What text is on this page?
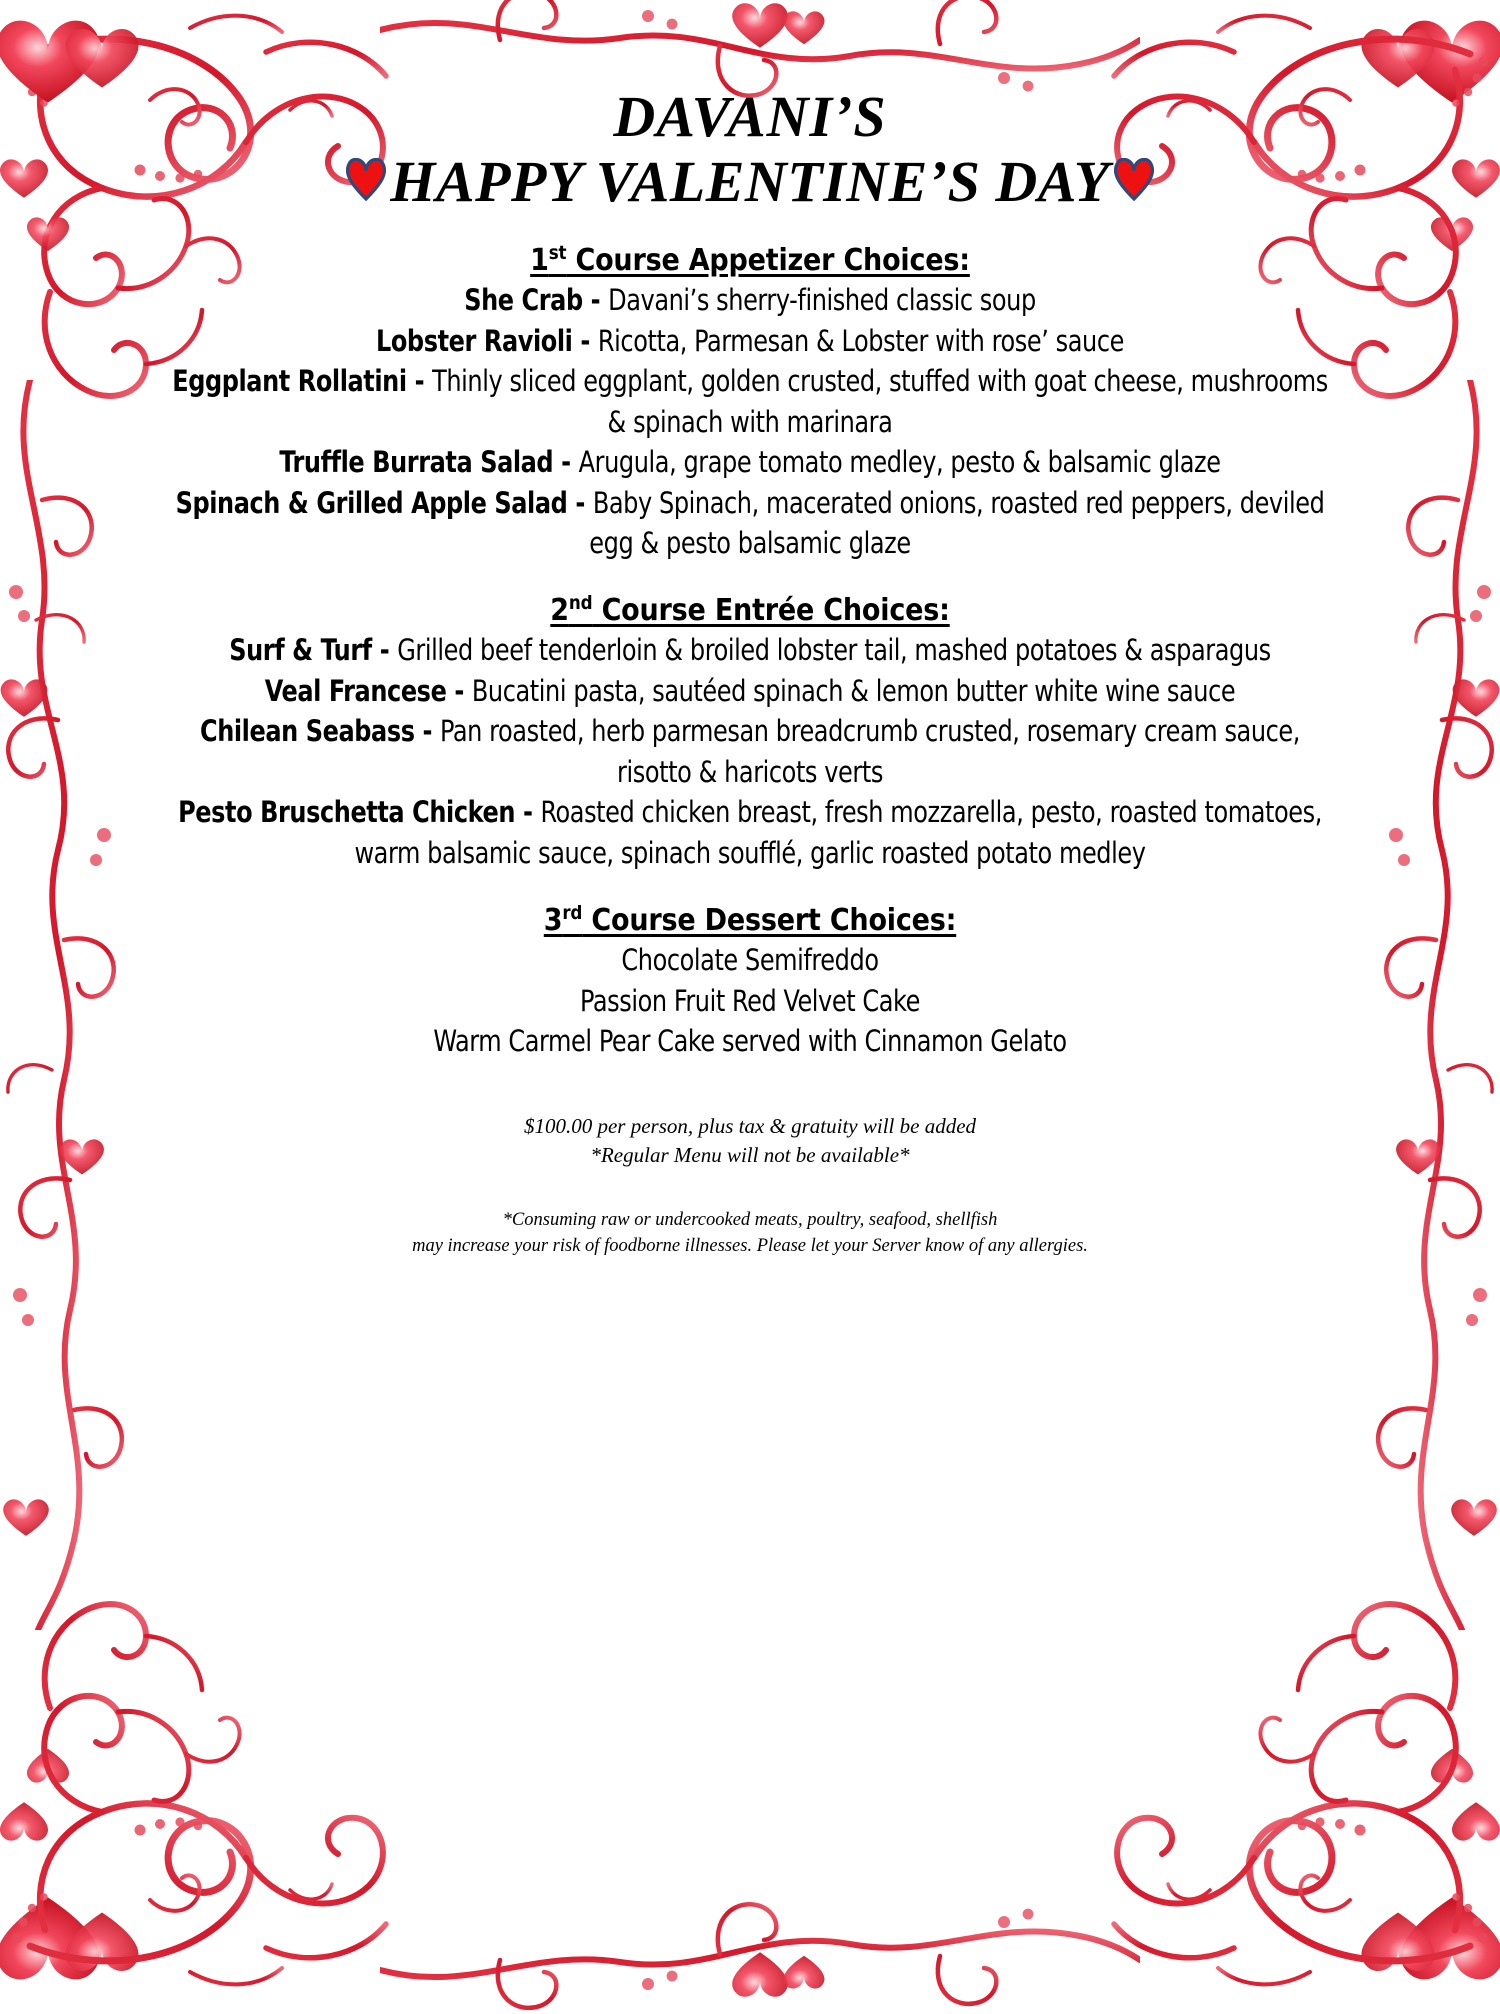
DAVANI’S
HAPPY VALENTINE’S DAY
1st Course Appetizer Choices:

She Crab - Davani’s sherry-finished classic soup

Lobster Ravioli - Ricotta, Parmesan & Lobster with rose’ sauce

Eggplant Rollatini - Thinly sliced eggplant, golden crusted, stuffed with goat cheese, mushrooms & spinach with marinara

Truffle Burrata Salad - Arugula, grape tomato medley, pesto & balsamic glaze

Spinach & Grilled Apple Salad - Baby Spinach, macerated onions, roasted red peppers, deviled egg & pesto balsamic glaze

2nd Course Entrée Choices:

Surf & Turf - Grilled beef tenderloin & broiled lobster tail, mashed potatoes & asparagus

Veal Francese - Bucatini pasta, sautéed spinach & lemon butter white wine sauce

Chilean Seabass - Pan roasted, herb parmesan breadcrumb crusted, rosemary cream sauce, risotto & haricots verts

Pesto Bruschetta Chicken - Roasted chicken breast, fresh mozzarella, pesto, roasted tomatoes, warm balsamic sauce, spinach soufflé, garlic roasted potato medley

3rd Course Dessert Choices:

Chocolate Semifreddo

Passion Fruit Red Velvet Cake

Warm Carmel Pear Cake served with Cinnamon Gelato

$100.00 per person, plus tax & gratuity will be added

*Regular Menu will not be available*

*Consuming raw or undercooked meats, poultry, seafood, shellfish

may increase your risk of foodborne illnesses. Please let your Server know of any allergies.
